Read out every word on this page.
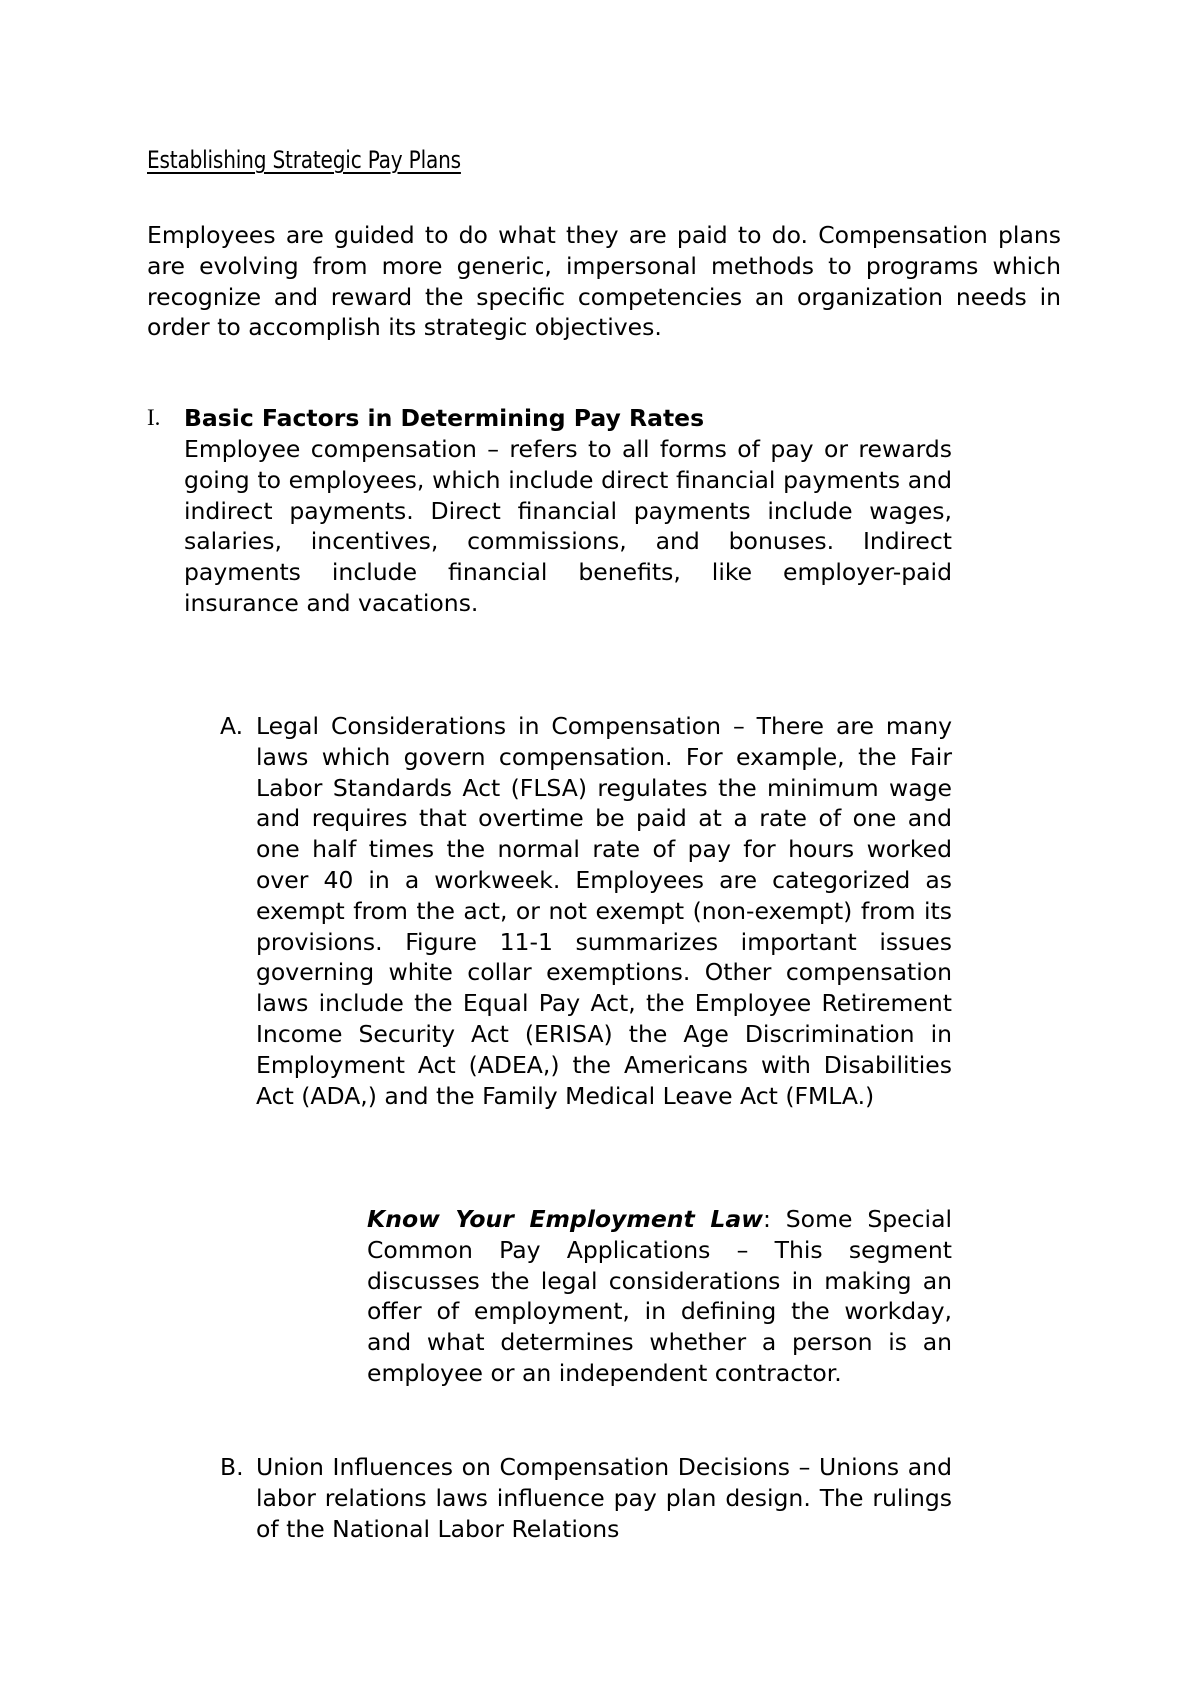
Establishing Strategic Pay Plans

Employees are guided to do what they are paid to do. Compensation plans are evolving from more generic, impersonal methods to programs which recognize and reward the specific competencies an organization needs in order to accomplish its strategic objectives.

I. Basic Factors in Determining Pay Rates

Employee compensation – refers to all forms of pay or rewards going to employees, which include direct financial payments and indirect payments. Direct financial payments include wages, salaries, incentives, commissions, and bonuses. Indirect payments include financial benefits, like employer-paid insurance and vacations.

A. Legal Considerations in Compensation – There are many laws which govern compensation. For example, the Fair Labor Standards Act (FLSA) regulates the minimum wage and requires that overtime be paid at a rate of one and one half times the normal rate of pay for hours worked over 40 in a workweek. Employees are categorized as exempt from the act, or not exempt (non-exempt) from its provisions. Figure 11-1 summarizes important issues governing white collar exemptions. Other compensation laws include the Equal Pay Act, the Employee Retirement Income Security Act (ERISA) the Age Discrimination in Employment Act (ADEA,) the Americans with Disabilities Act (ADA,) and the Family Medical Leave Act (FMLA.)

Know Your Employment Law: Some Special Common Pay Applications – This segment discusses the legal considerations in making an offer of employment, in defining the workday, and what determines whether a person is an employee or an independent contractor.

B. Union Influences on Compensation Decisions – Unions and labor relations laws influence pay plan design. The rulings of the National Labor Relations
